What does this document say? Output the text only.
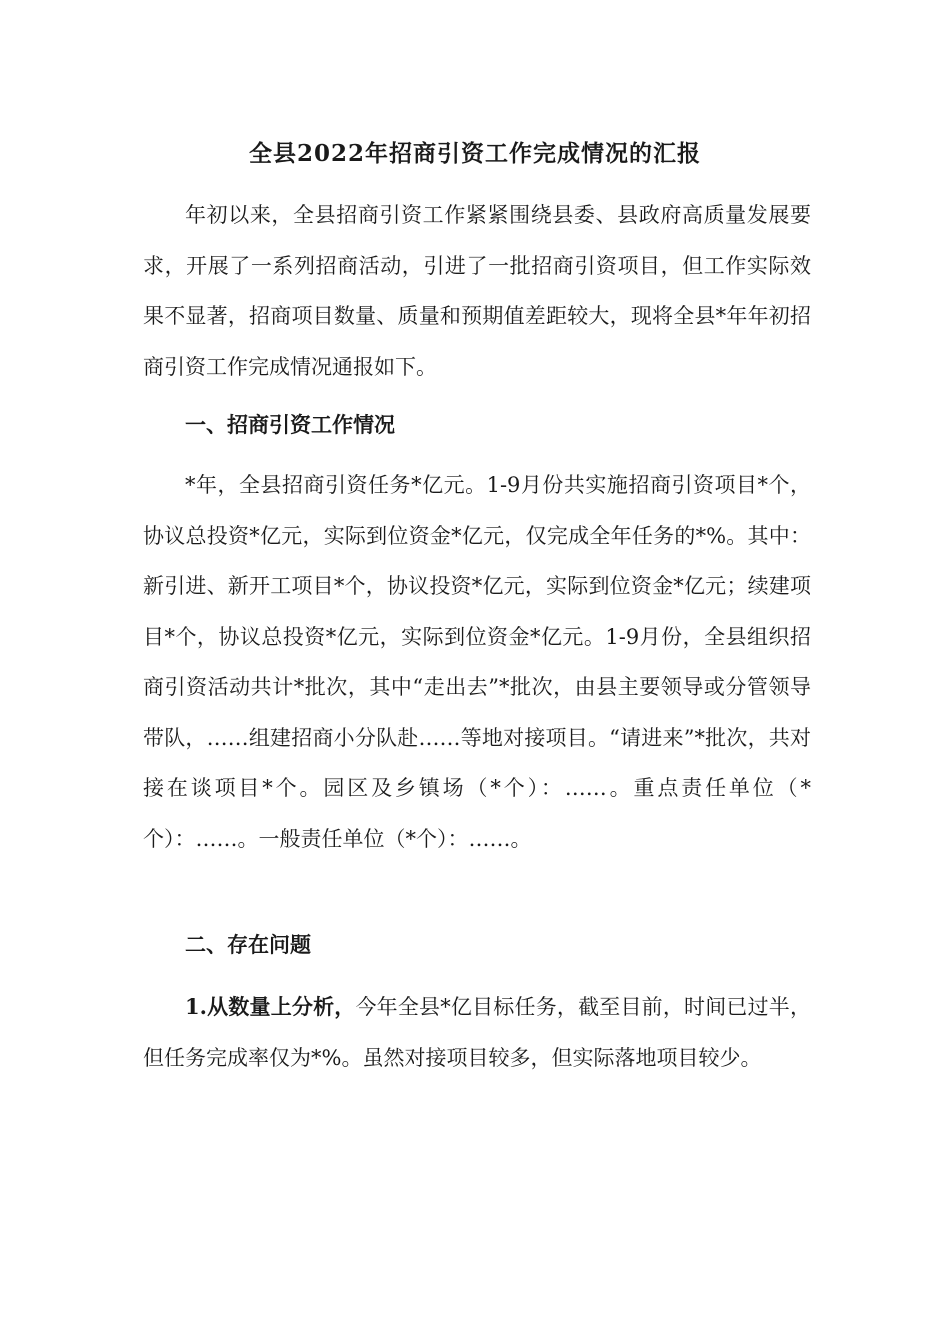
全县2022年招商引资工作完成情况的汇报

年初以来，全县招商引资工作紧紧围绕县委、县政府高质量发展要求，开展了一系列招商活动，引进了一批招商引资项目，但工作实际效果不显著，招商项目数量、质量和预期值差距较大，现将全县*年年初招商引资工作完成情况通报如下。

一、招商引资工作情况

*年，全县招商引资任务*亿元。1-9月份共实施招商引资项目*个，协议总投资*亿元，实际到位资金*亿元，仅完成全年任务的*%。其中：新引进、新开工项目*个，协议投资*亿元，实际到位资金*亿元；续建项目*个，协议总投资*亿元，实际到位资金*亿元。1-9月份，全县组织招商引资活动共计*批次，其中“走出去”*批次，由县主要领导或分管领导带队，……组建招商小分队赴……等地对接项目。“请进来”*批次，共对接在谈项目*个。园区及乡镇场（*个）：……。重点责任单位（*个）：……。一般责任单位（*个）：……。

二、存在问题

1.从数量上分析，今年全县*亿目标任务，截至目前，时间已过半，但任务完成率仅为*%。虽然对接项目较多，但实际落地项目较少。
